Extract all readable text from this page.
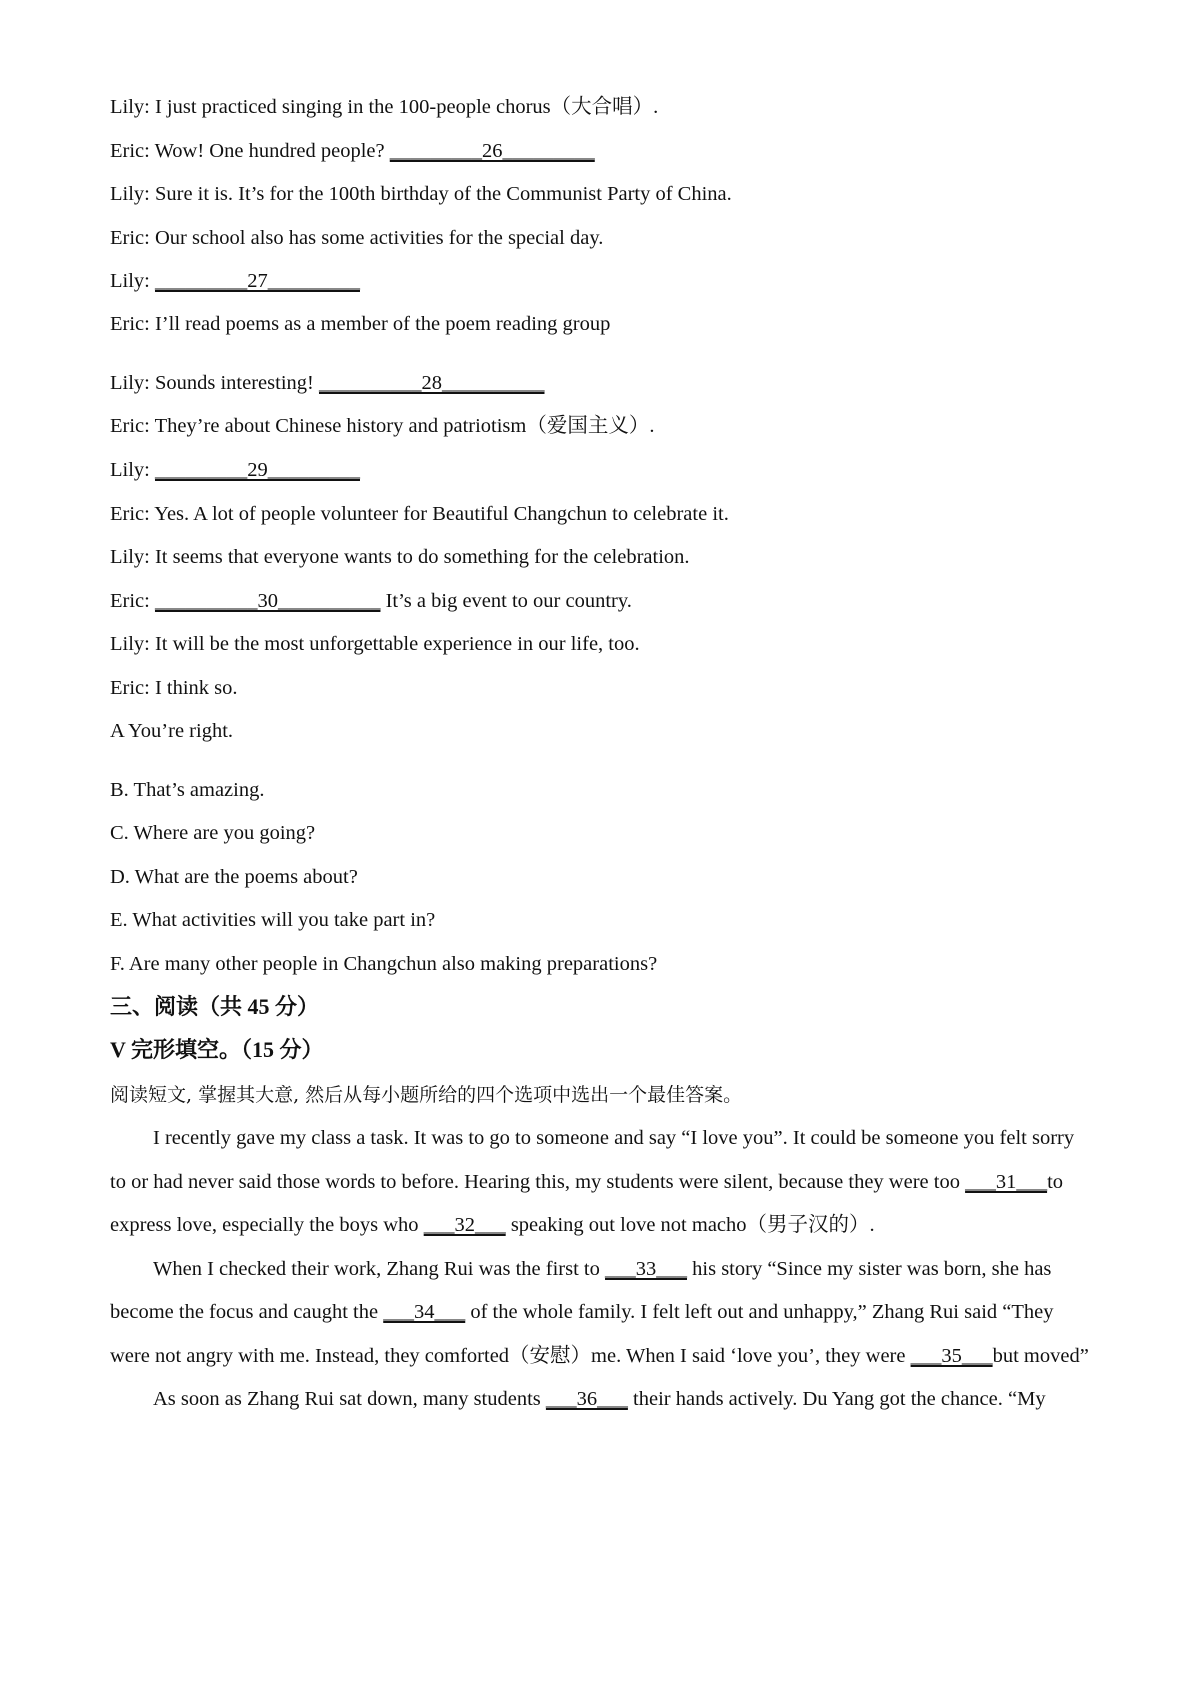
Lily: I just practiced singing in the 100-people chorus（大合唱）.
Eric: Wow! One hundred people? _________26_________
Lily: Sure it is. It’s for the 100th birthday of the Communist Party of China.
Eric: Our school also has some activities for the special day.
Lily: _________27_________
Eric: I’ll read poems as a member of the poem reading group
Lily: Sounds interesting! __________28__________
Eric: They’re about Chinese history and patriotism（爱国主义）.
Lily: _________29_________
Eric: Yes. A lot of people volunteer for Beautiful Changchun to celebrate it.
Lily: It seems that everyone wants to do something for the celebration.
Eric: __________30__________ It’s a big event to our country.
Lily: It will be the most unforgettable experience in our life, too.
Eric: I think so.
A You’re right.
B. That’s amazing.
C. Where are you going?
D. What are the poems about?
E. What activities will you take part in?
F. Are many other people in Changchun also making preparations?
三、阅读（共 45 分）
V 完形填空。（15 分）
阅读短文, 掌握其大意, 然后从每小题所给的四个选项中选出一个最佳答案。
I recently gave my class a task. It was to go to someone and say “I love you”. It could be someone you felt sorry
to or had never said those words to before. Hearing this, my students were silent, because they were too ___31___to
express love, especially the boys who ___32___ speaking out love not macho（男子汉的）.
When I checked their work, Zhang Rui was the first to ___33___ his story “Since my sister was born, she has
become the focus and caught the ___34___ of the whole family. I felt left out and unhappy,” Zhang Rui said “They
were not angry with me. Instead, they comforted（安慰）me. When I said ‘love you’, they were ___35___but moved”
As soon as Zhang Rui sat down, many students ___36___ their hands actively. Du Yang got the chance. “My
